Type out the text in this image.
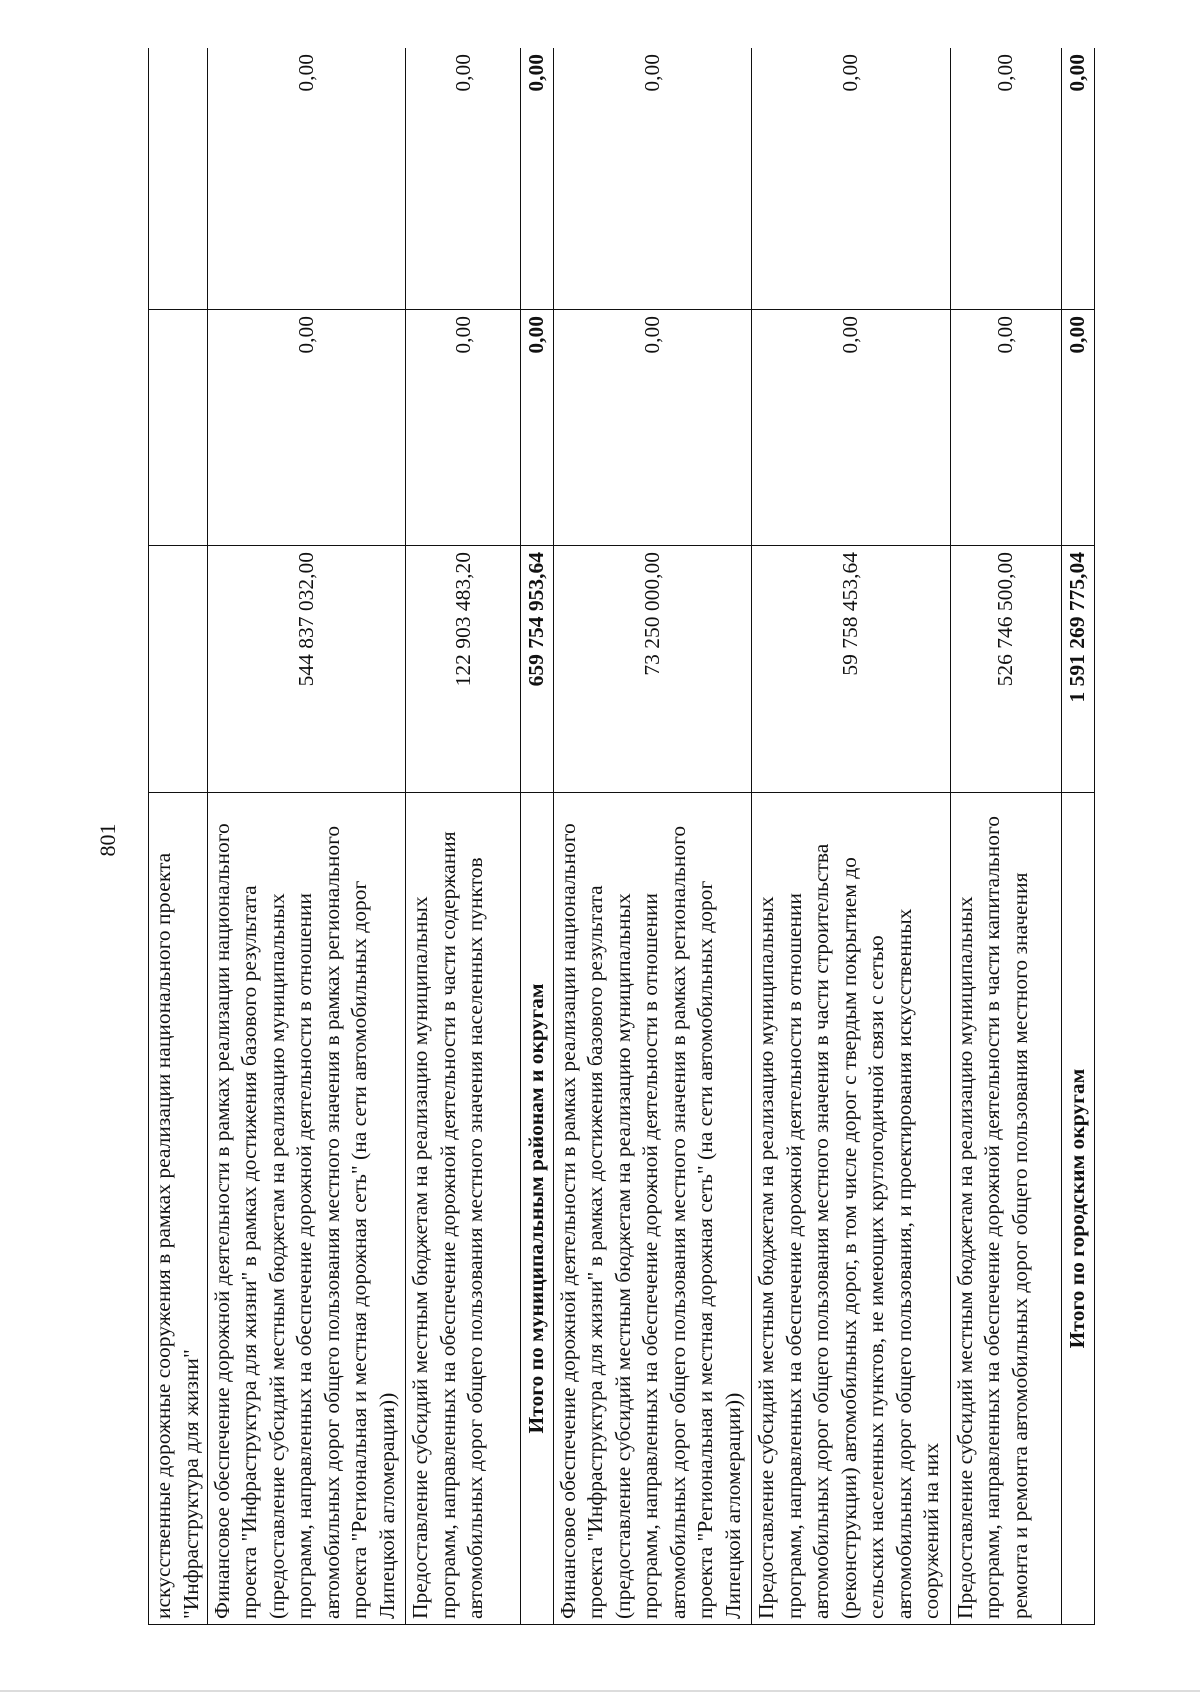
801
искусственные дорожные сооружения в рамках реализации национального проекта "Инфраструктура для жизни"			
Финансовое обеспечение дорожной деятельности в рамках реализации национального проекта "Инфраструктура для жизни" в рамках достижения базового результата (предоставление субсидий местным бюджетам на реализацию муниципальных программ, направленных на обеспечение дорожной деятельности в отношении автомобильных дорог общего пользования местного значения в рамках регионального проекта "Региональная и местная дорожная сеть" (на сети автомобильных дорог Липецкой агломерации))	544 837 032,00	0,00	0,00
Предоставление субсидий местным бюджетам на реализацию муниципальных программ, направленных на обеспечение дорожной деятельности в части содержания автомобильных дорог общего пользования местного значения населенных пунктов	122 903 483,20	0,00	0,00
Итого по муниципальным районам и округам	659 754 953,64	0,00	0,00
Финансовое обеспечение дорожной деятельности в рамках реализации национального проекта "Инфраструктура для жизни" в рамках достижения базового результата (предоставление субсидий местным бюджетам на реализацию муниципальных программ, направленных на обеспечение дорожной деятельности в отношении автомобильных дорог общего пользования местного значения в рамках регионального проекта "Региональная и местная дорожная сеть" (на сети автомобильных дорог Липецкой агломерации))	73 250 000,00	0,00	0,00
Предоставление субсидий местным бюджетам на реализацию муниципальных программ, направленных на обеспечение дорожной деятельности в отношении автомобильных дорог общего пользования местного значения в части строительства (реконструкции) автомобильных дорог, в том числе дорог с твердым покрытием до сельских населенных пунктов, не имеющих круглогодичной связи с сетью автомобильных дорог общего пользования, и проектирования искусственных сооружений на них	59 758 453,64	0,00	0,00
Предоставление субсидий местным бюджетам на реализацию муниципальных программ, направленных на обеспечение дорожной деятельности в части капитального ремонта и ремонта автомобильных дорог общего пользования местного значения	526 746 500,00	0,00	0,00
Итого по городским округам	1 591 269 775,04	0,00	0,00
